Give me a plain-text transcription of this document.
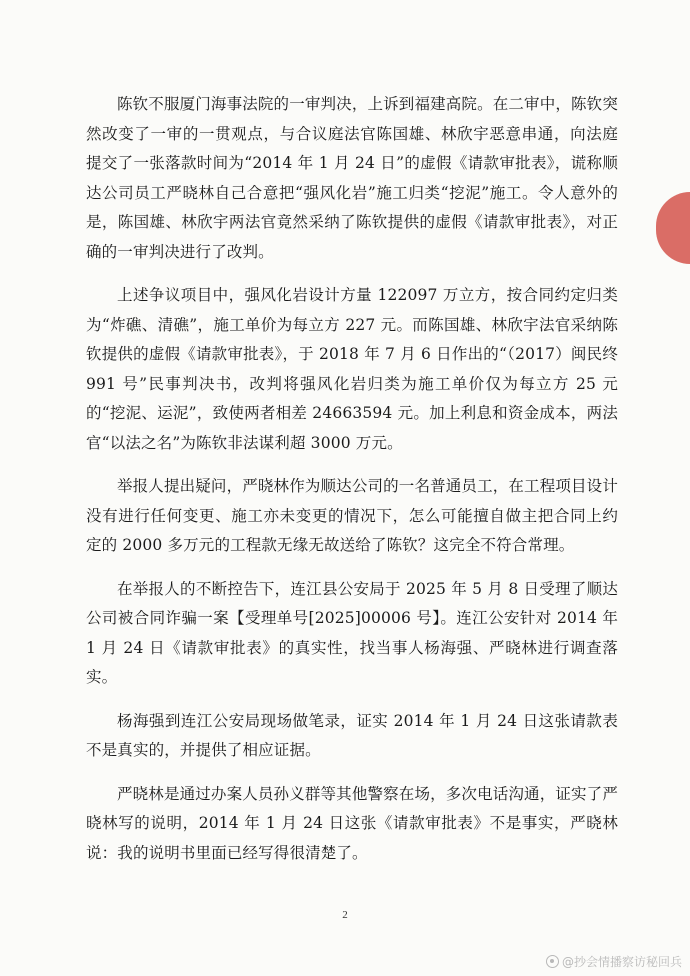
陈钦不服厦门海事法院的一审判决，上诉到福建高院。在二审中，陈钦突然改变了一审的一贯观点，与合议庭法官陈国雄、林欣宇恶意串通，向法庭提交了一张落款时间为“2014 年 1 月 24 日”的虚假《请款审批表》，谎称顺达公司员工严晓林自己合意把“强风化岩”施工归类“挖泥”施工。令人意外的是，陈国雄、林欣宇两法官竟然采纳了陈钦提供的虚假《请款审批表》，对正确的一审判决进行了改判。

上述争议项目中，强风化岩设计方量 122097 万立方，按合同约定归类为“炸礁、清礁”，施工单价为每立方 227 元。而陈国雄、林欣宇法官采纳陈钦提供的虚假《请款审批表》，于 2018 年 7 月 6 日作出的“（2017）闽民终 991 号”民事判决书，改判将强风化岩归类为施工单价仅为每立方 25 元的“挖泥、运泥”，致使两者相差 24663594 元。加上利息和资金成本，两法官“以法之名”为陈钦非法谋利超 3000 万元。

举报人提出疑问，严晓林作为顺达公司的一名普通员工，在工程项目设计没有进行任何变更、施工亦未变更的情况下，怎么可能擅自做主把合同上约定的 2000 多万元的工程款无缘无故送给了陈钦？这完全不符合常理。

在举报人的不断控告下，连江县公安局于 2025 年 5 月 8 日受理了顺达公司被合同诈骗一案【受理单号[2025]00006 号】。连江公安针对 2014 年 1 月 24 日《请款审批表》的真实性，找当事人杨海强、严晓林进行调查落实。

杨海强到连江公安局现场做笔录，证实 2014 年 1 月 24 日这张请款表不是真实的，并提供了相应证据。

严晓林是通过办案人员孙义群等其他警察在场，多次电话沟通，证实了严晓林写的说明，2014 年 1 月 24 日这张《请款审批表》不是事实，严晓林说：我的说明书里面已经写得很清楚了。

2
@抄会情播察访秘回兵
